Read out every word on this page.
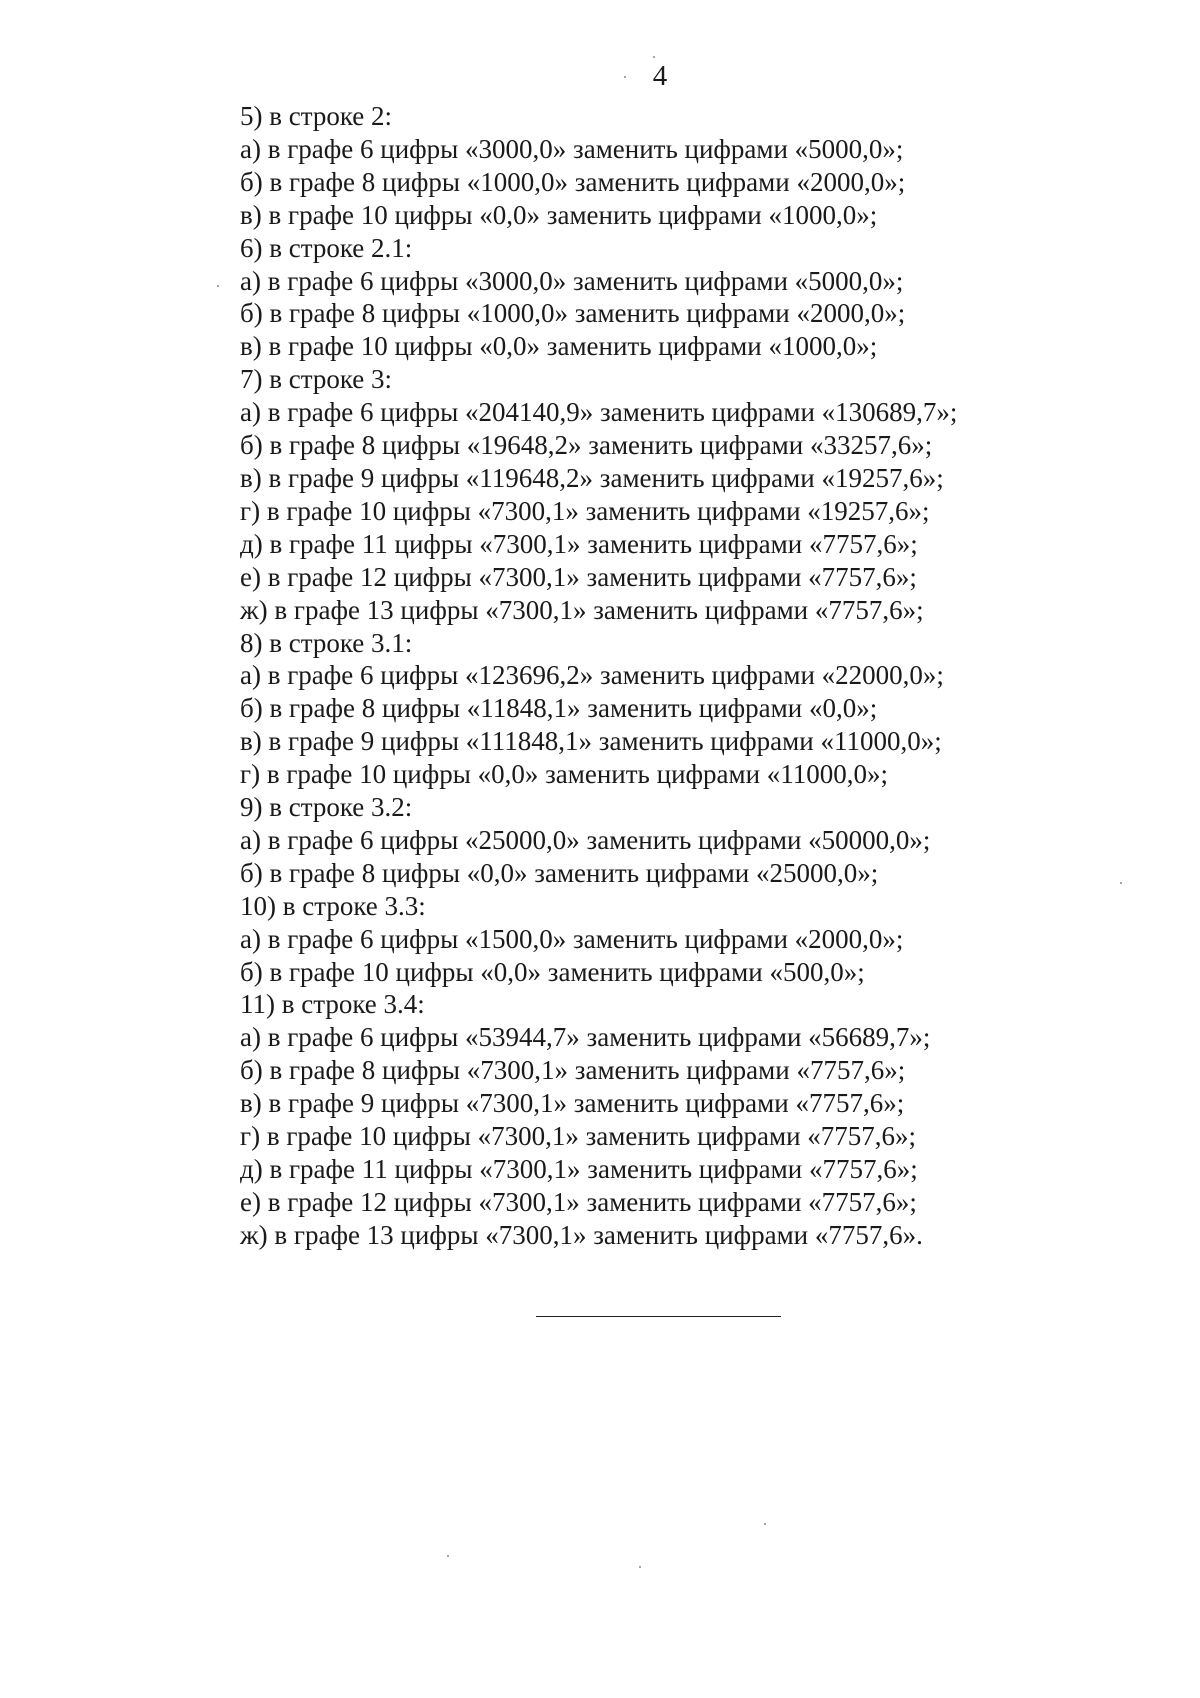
4
5) в строке 2:
а) в графе 6 цифры «3000,0» заменить цифрами «5000,0»;
б) в графе 8 цифры «1000,0» заменить цифрами «2000,0»;
в) в графе 10 цифры «0,0» заменить цифрами «1000,0»;
6) в строке 2.1:
а) в графе 6 цифры «3000,0» заменить цифрами «5000,0»;
б) в графе 8 цифры «1000,0» заменить цифрами «2000,0»;
в) в графе 10 цифры «0,0» заменить цифрами «1000,0»;
7) в строке 3:
а) в графе 6 цифры «204140,9» заменить цифрами «130689,7»;
б) в графе 8 цифры «19648,2» заменить цифрами «33257,6»;
в) в графе 9 цифры «119648,2» заменить цифрами «19257,6»;
г) в графе 10 цифры «7300,1» заменить цифрами «19257,6»;
д) в графе 11 цифры «7300,1» заменить цифрами «7757,6»;
е) в графе 12 цифры «7300,1» заменить цифрами «7757,6»;
ж) в графе 13 цифры «7300,1» заменить цифрами «7757,6»;
8) в строке 3.1:
а) в графе 6 цифры «123696,2» заменить цифрами «22000,0»;
б) в графе 8 цифры «11848,1» заменить цифрами «0,0»;
в) в графе 9 цифры «111848,1» заменить цифрами «11000,0»;
г) в графе 10 цифры «0,0» заменить цифрами «11000,0»;
9) в строке 3.2:
а) в графе 6 цифры «25000,0» заменить цифрами «50000,0»;
б) в графе 8 цифры «0,0» заменить цифрами «25000,0»;
10) в строке 3.3:
а) в графе 6 цифры «1500,0» заменить цифрами «2000,0»;
б) в графе 10 цифры «0,0» заменить цифрами «500,0»;
11) в строке 3.4:
а) в графе 6 цифры «53944,7» заменить цифрами «56689,7»;
б) в графе 8 цифры «7300,1» заменить цифрами «7757,6»;
в) в графе 9 цифры «7300,1» заменить цифрами «7757,6»;
г) в графе 10 цифры «7300,1» заменить цифрами «7757,6»;
д) в графе 11 цифры «7300,1» заменить цифрами «7757,6»;
е) в графе 12 цифры «7300,1» заменить цифрами «7757,6»;
ж) в графе 13 цифры «7300,1» заменить цифрами «7757,6».
